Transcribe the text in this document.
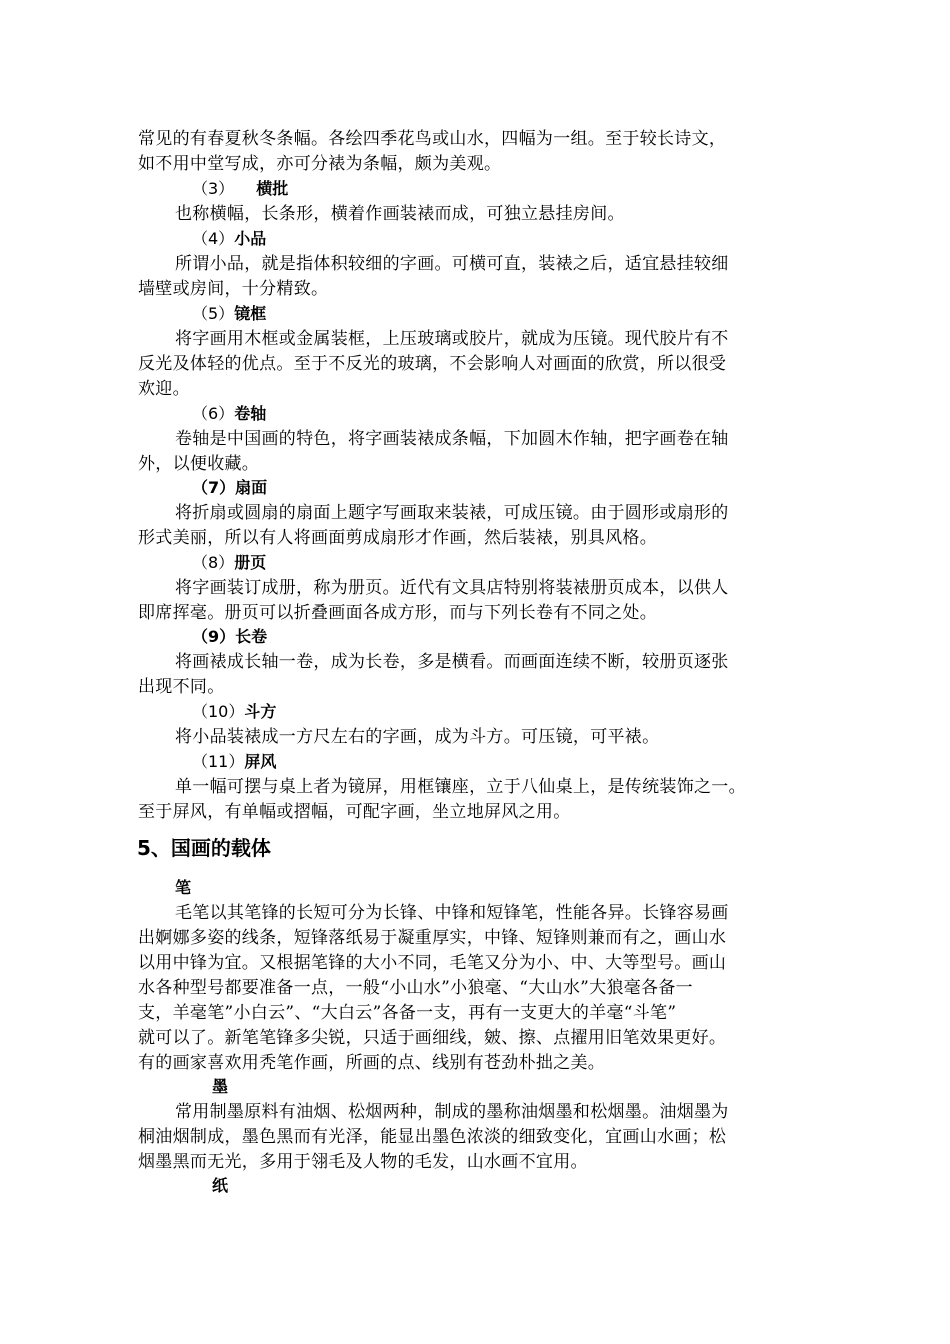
常见的有春夏秋冬条幅。各绘四季花鸟或山水，四幅为一组。至于较长诗文，
如不用中堂写成，亦可分裱为条幅，颇为美观。
（3） 横批
也称横幅，长条形，横着作画装裱而成，可独立悬挂房间。
（4）小品
所谓小品，就是指体积较细的字画。可横可直，装裱之后，适宜悬挂较细
墙壁或房间，十分精致。
（5）镜框
将字画用木框或金属装框，上压玻璃或胶片，就成为压镜。现代胶片有不
反光及体轻的优点。至于不反光的玻璃，不会影响人对画面的欣赏，所以很受
欢迎。
（6）卷轴
卷轴是中国画的特色，将字画装裱成条幅，下加圆木作轴，把字画卷在轴
外，以便收藏。
（7）扇面
将折扇或圆扇的扇面上题字写画取来装裱，可成压镜。由于圆形或扇形的
形式美丽，所以有人将画面剪成扇形才作画，然后装裱，别具风格。
（8）册页
将字画装订成册，称为册页。近代有文具店特别将装裱册页成本，以供人
即席挥毫。册页可以折叠画面各成方形，而与下列长卷有不同之处。
（9）长卷
将画裱成长轴一卷，成为长卷，多是横看。而画面连续不断，较册页逐张
出现不同。
（10）斗方
将小品装裱成一方尺左右的字画，成为斗方。可压镜，可平裱。
（11）屏风
单一幅可摆与桌上者为镜屏，用框镶座，立于八仙桌上，是传统装饰之一。
至于屏风，有单幅或摺幅，可配字画，坐立地屏风之用。
5、国画的载体
笔
毛笔以其笔锋的长短可分为长锋、中锋和短锋笔，性能各异。长锋容易画
出婀娜多姿的线条，短锋落纸易于凝重厚实，中锋、短锋则兼而有之，画山水
以用中锋为宜。又根据笔锋的大小不同，毛笔又分为小、中、大等型号。画山
水各种型号都要准备一点，一般“小山水”小狼毫、“大山水”大狼毫各备一
支，羊毫笔”小白云”、“大白云”各备一支，再有一支更大的羊毫“斗笔”
就可以了。新笔笔锋多尖锐，只适于画细线，皴、擦、点擢用旧笔效果更好。
有的画家喜欢用秃笔作画，所画的点、线别有苍劲朴拙之美。
墨
常用制墨原料有油烟、松烟两种，制成的墨称油烟墨和松烟墨。油烟墨为
桐油烟制成，墨色黑而有光泽，能显出墨色浓淡的细致变化，宜画山水画；松
烟墨黑而无光，多用于翎毛及人物的毛发，山水画不宜用。
纸
